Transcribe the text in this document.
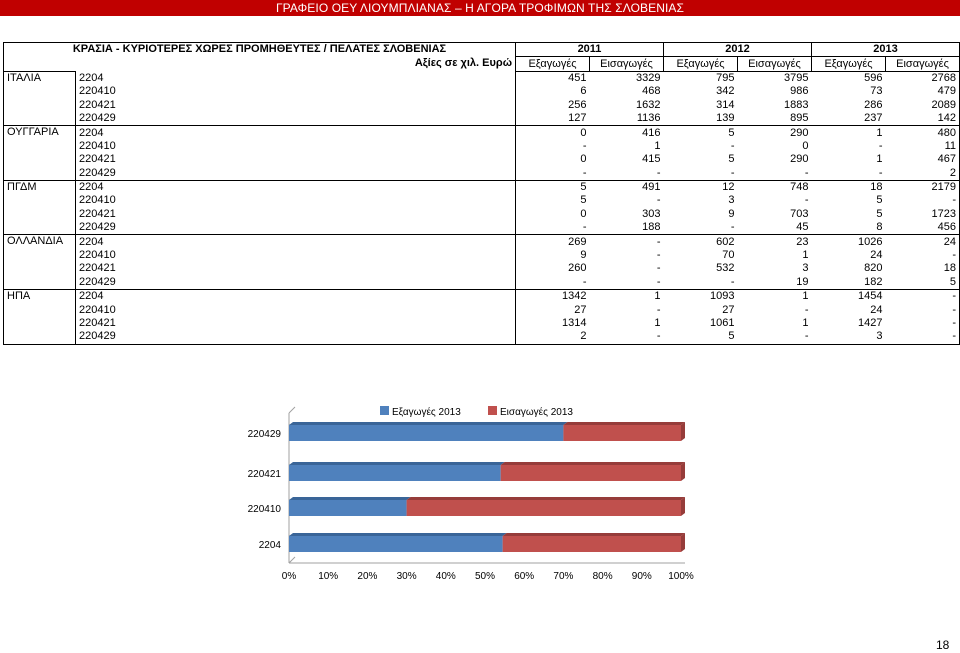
ΓΡΑΦΕΙΟ ΟΕΥ ΛΙΟΥΜΠΛΙΑΝΑΣ – Η ΑΓΟΡΑ ΤΡΟΦΙΜΩΝ ΤΗΣ ΣΛΟΒΕΝΙΑΣ
ΚΡΑΣΙΑ - ΚΥΡΙΟΤΕΡΕΣ ΧΩΡΕΣ ΠΡΟΜΗΘΕΥΤΕΣ / ΠΕΛΑΤΕΣ ΣΛΟΒΕΝΙΑΣ		2011		2012		2013	
Αξίες σε χιλ. Ευρώ		Εξαγωγές	Εισαγωγές	Εξαγωγές	Εισαγωγές	Εξαγωγές	Εισαγωγές
ΙΤΑΛΙΑ	2204	451	3329	795	3795	596	2768
	220410	6	468	342	986	73	479
	220421	256	1632	314	1883	286	2089
	220429	127	1136	139	895	237	142
ΟΥΓΓΑΡΙΑ	2204	0	416	5	290	1	480
	220410	-	1	-	0	-	11
	220421	0	415	5	290	1	467
	220429	-	-	-	-	-	2
ΠΓΔΜ	2204	5	491	12	748	18	2179
	220410	5	-	3	-	5	-
	220421	0	303	9	703	5	1723
	220429	-	188	-	45	8	456
ΟΛΛΑΝΔΙΑ	2204	269	-	602	23	1026	24
	220410	9	-	70	1	24	-
	220421	260	-	532	3	820	18
	220429	-	-	-	19	182	5
ΗΠΑ	2204	1342	1	1093	1	1454	-
	220410	27	-	27	-	24	-
	220421	1314	1	1061	1	1427	-
	220429	2	-	5	-	3	-
Εξαγωγές 2013	Εισαγωγές 2013
0% 10% 20% 30% 40% 50% 60% 70% 80% 90% 100%
220429
220421
220410
2204
18
